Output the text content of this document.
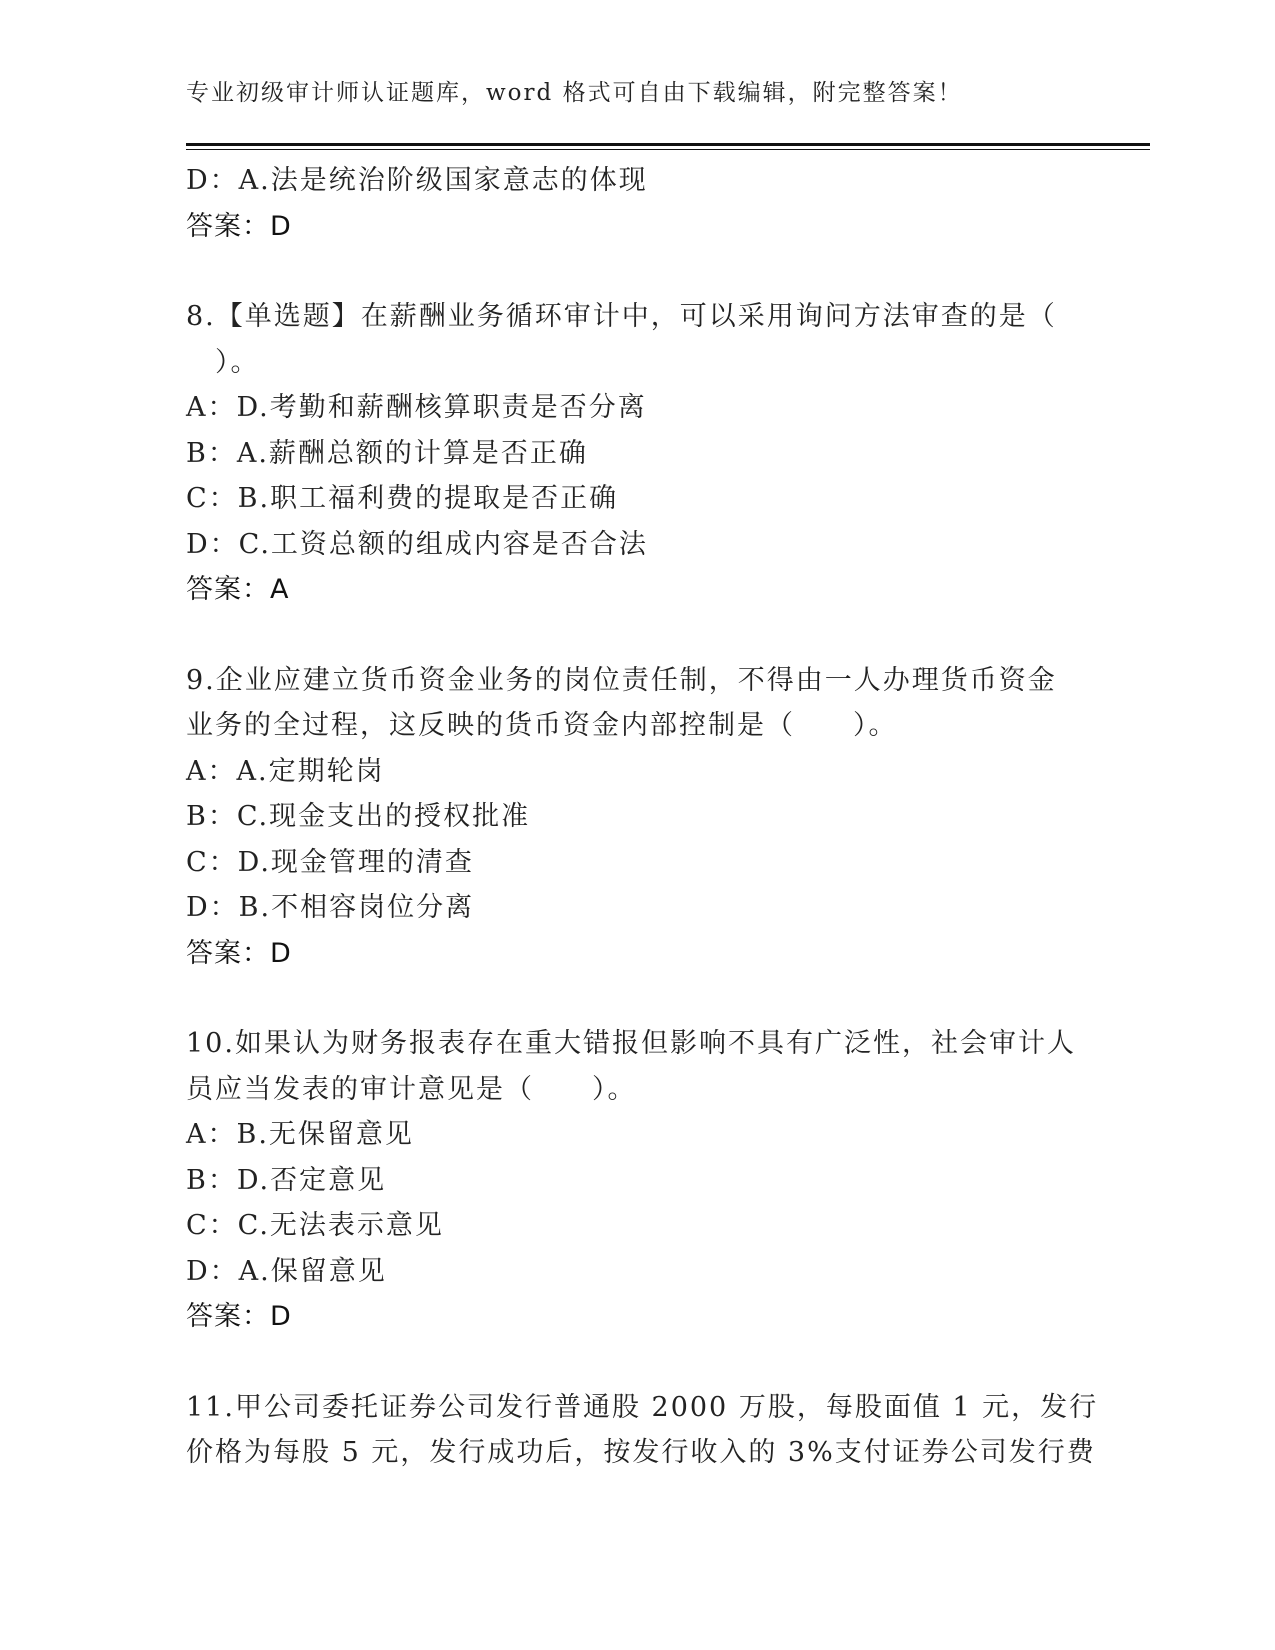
专业初级审计师认证题库，word 格式可自由下载编辑，附完整答案！
D：A.法是统治阶级国家意志的体现
答案：D
8.【单选题】在薪酬业务循环审计中，可以采用询问方法审查的是（
　）。
A：D.考勤和薪酬核算职责是否分离
B：A.薪酬总额的计算是否正确
C：B.职工福利费的提取是否正确
D：C.工资总额的组成内容是否合法
答案：A
9.企业应建立货币资金业务的岗位责任制，不得由一人办理货币资金
业务的全过程，这反映的货币资金内部控制是（　　）。
A：A.定期轮岗
B：C.现金支出的授权批准
C：D.现金管理的清查
D：B.不相容岗位分离
答案：D
10.如果认为财务报表存在重大错报但影响不具有广泛性，社会审计人
员应当发表的审计意见是（　　）。
A：B.无保留意见
B：D.否定意见
C：C.无法表示意见
D：A.保留意见
答案：D
11.甲公司委托证券公司发行普通股 2000 万股，每股面值 1 元，发行
价格为每股 5 元，发行成功后，按发行收入的 3%支付证券公司发行费
